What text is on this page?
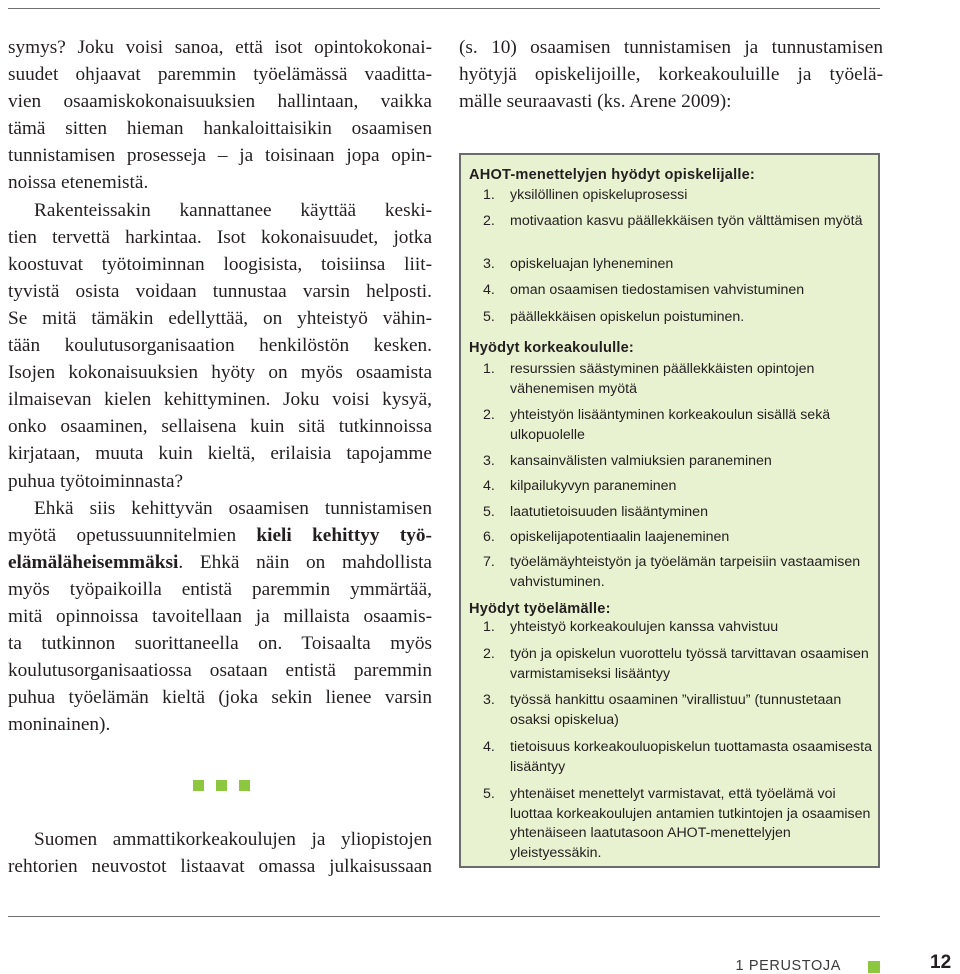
symys? Joku voisi sanoa, että isot opintokokonai-
suudet ohjaavat paremmin työelämässä vaadittа-
vien osaamiskokonaisuuksien hallintaan, vaikka
tämä sitten hieman hankaloittaisikin osaamisen
tunnistamisen prosesseja – ja toisinaan jopa opin-
noissa etenemistä.
Rakenteissakin kannattanee käyttää keski-
tien tervettä harkintaa. Isot kokonaisuudet, jotka
koostuvat työtoiminnan loogisista, toisiinsa liit-
tyvistä osista voidaan tunnustaa varsin helposti.
Se mitä tämäkin edellyttää, on yhteistyö vähin-
tään koulutusorganisaation henkilöstön kesken.
Isojen kokonaisuuksien hyöty on myös osaamista
ilmaisevan kielen kehittyminen. Joku voisi kysyä,
onko osaaminen, sellaisena kuin sitä tutkinnoissa
kirjataan, muuta kuin kieltä, erilaisia tapojamme
puhua työtoiminnasta?
Ehkä siis kehittyvän osaamisen tunnistamisen
myötä opetussuunnitelmien kieli kehittyy työ-
elämäläheisemmäksi. Ehkä näin on mahdollista
myös työpaikoilla entistä paremmin ymmärtää,
mitä opinnoissa tavoitellaan ja millaista osaamis-
ta tutkinnon suorittaneella on. Toisaalta myös
koulutusorganisaatiossa osataan entistä paremmin
puhua työelämän kieltä (joka sekin lienee varsin
moninainen).
Suomen ammattikorkeakoulujen ja yliopistojen
rehtorien neuvostot listaavat omassa julkaisussaan
(s. 10) osaamisen tunnistamisen ja tunnustamisen
hyötyjä opiskelijoille, korkeakouluille ja työelä-
mälle seuraavasti (ks. Arene 2009):
AHOT-menettelyjen hyödyt opiskelijalle:
1. yksilöllinen opiskeluprosessi
2. motivaation kasvu päällekkäisen työn välttämisen myötä
3. opiskeluajan lyheneminen
4. oman osaamisen tiedostamisen vahvistuminen
5. päällekkäisen opiskelun poistuminen.
Hyödyt korkeakoululle:
1. resurssien säästyminen päällekkäisten opintojen vähenemisen myötä
2. yhteistyön lisääntyminen korkeakoulun sisällä sekä ulkopuolelle
3. kansainvälisten valmiuksien paraneminen
4. kilpailukyvyn paraneminen
5. laatutietoisuuden lisääntyminen
6. opiskelijapotentiaalin laajeneminen
7. työelämäyhteistyön ja työelämän tarpeisiin vastaamisen vahvistuminen.
Hyödyt työelämälle:
1. yhteistyö korkeakoulujen kanssa vahvistuu
2. työn ja opiskelun vuorottelu työssä tarvittavan osaamisen varmistamiseksi lisääntyy
3. työssä hankittu osaaminen ”virallistuu” (tunnustetaan osaksi opiskelua)
4. tietoisuus korkeakouluopiskelun tuottamasta osaamisesta lisääntyy
5. yhtenäiset menettelyt varmistavat, että työelämä voi luottaa korkeakoulujen antamien tutkintojen ja osaamisen yhtenäiseen laatutasoon AHOT-menettelyjen yleistyessäkin.
1 PERUSTOJA	12
